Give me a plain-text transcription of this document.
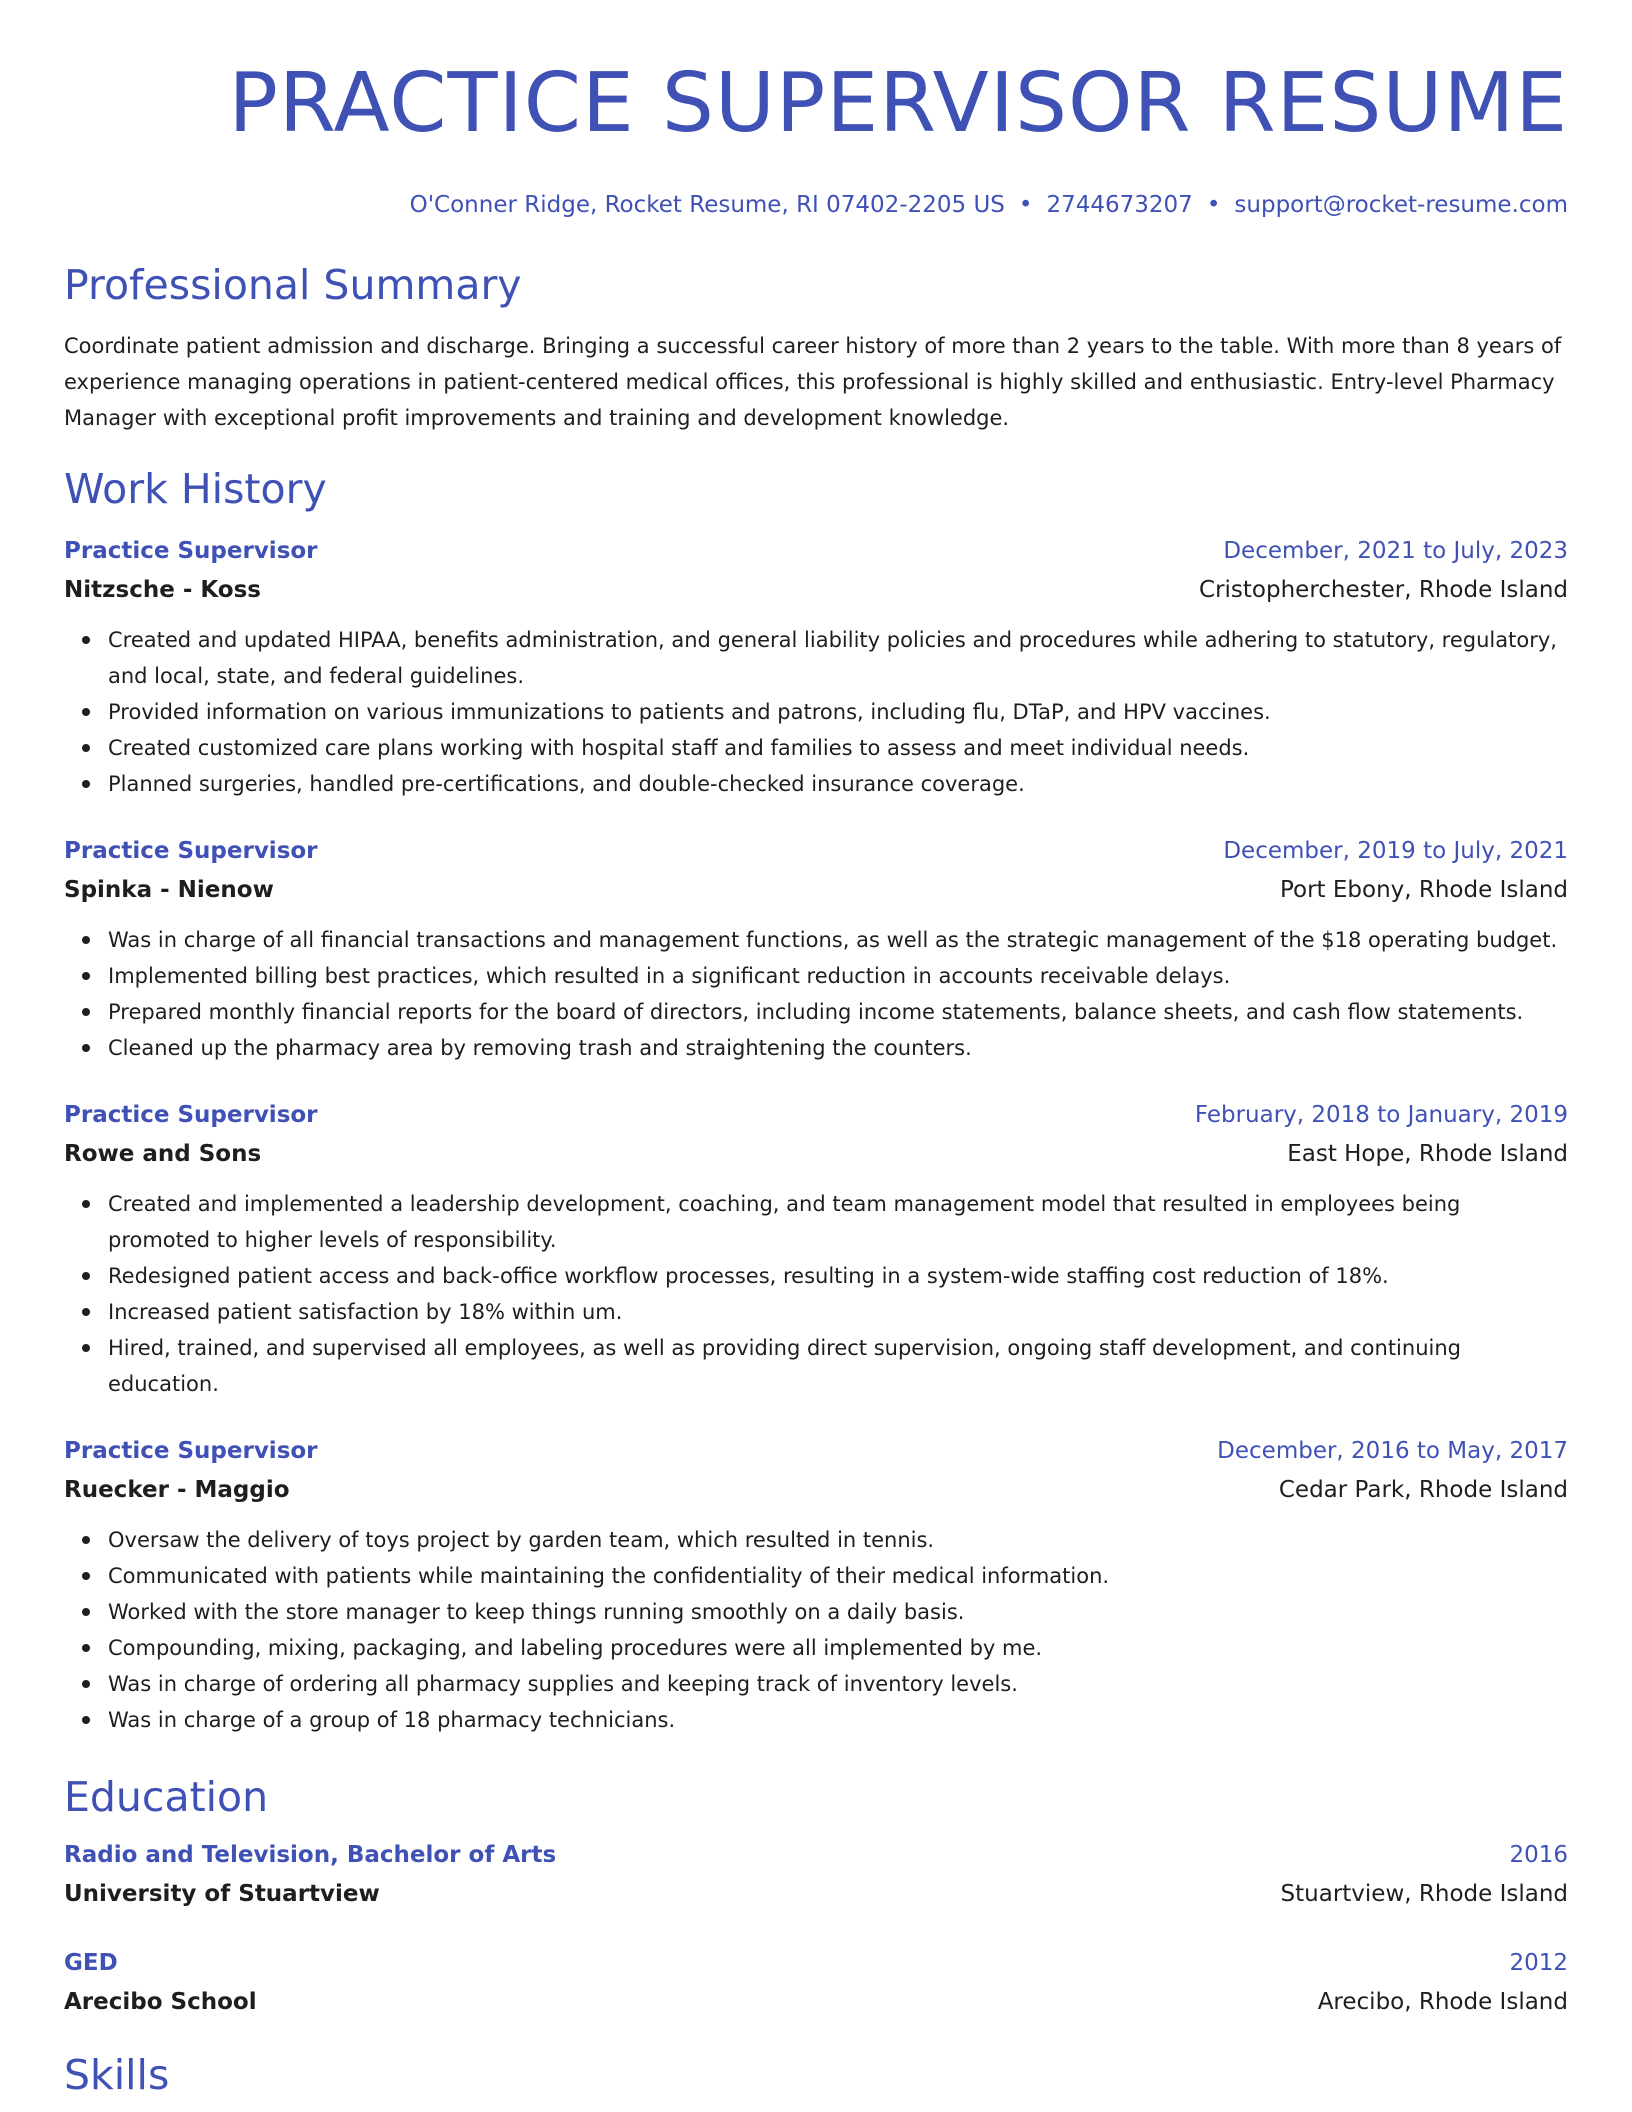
PRACTICE SUPERVISOR RESUME
O'Conner Ridge, Rocket Resume, RI 07402-2205 US • 2744673207 • support@rocket-resume.com
Professional Summary
Coordinate patient admission and discharge. Bringing a successful career history of more than 2 years to the table. With more than 8 years of experience managing operations in patient-centered medical offices, this professional is highly skilled and enthusiastic. Entry-level Pharmacy Manager with exceptional profit improvements and training and development knowledge.
Work History
Practice Supervisor	December, 2021 to July, 2023
Nitzsche - Koss	Cristopherchester, Rhode Island
Created and updated HIPAA, benefits administration, and general liability policies and procedures while adhering to statutory, regulatory, and local, state, and federal guidelines.
Provided information on various immunizations to patients and patrons, including flu, DTaP, and HPV vaccines.
Created customized care plans working with hospital staff and families to assess and meet individual needs.
Planned surgeries, handled pre-certifications, and double-checked insurance coverage.
Practice Supervisor	December, 2019 to July, 2021
Spinka - Nienow	Port Ebony, Rhode Island
Was in charge of all financial transactions and management functions, as well as the strategic management of the $18 operating budget.
Implemented billing best practices, which resulted in a significant reduction in accounts receivable delays.
Prepared monthly financial reports for the board of directors, including income statements, balance sheets, and cash flow statements.
Cleaned up the pharmacy area by removing trash and straightening the counters.
Practice Supervisor	February, 2018 to January, 2019
Rowe and Sons	East Hope, Rhode Island
Created and implemented a leadership development, coaching, and team management model that resulted in employees being promoted to higher levels of responsibility.
Redesigned patient access and back-office workflow processes, resulting in a system-wide staffing cost reduction of 18%.
Increased patient satisfaction by 18% within um.
Hired, trained, and supervised all employees, as well as providing direct supervision, ongoing staff development, and continuing education.
Practice Supervisor	December, 2016 to May, 2017
Ruecker - Maggio	Cedar Park, Rhode Island
Oversaw the delivery of toys project by garden team, which resulted in tennis.
Communicated with patients while maintaining the confidentiality of their medical information.
Worked with the store manager to keep things running smoothly on a daily basis.
Compounding, mixing, packaging, and labeling procedures were all implemented by me.
Was in charge of ordering all pharmacy supplies and keeping track of inventory levels.
Was in charge of a group of 18 pharmacy technicians.
Education
Radio and Television, Bachelor of Arts	2016
University of Stuartview	Stuartview, Rhode Island
GED	2012
Arecibo School	Arecibo, Rhode Island
Skills
